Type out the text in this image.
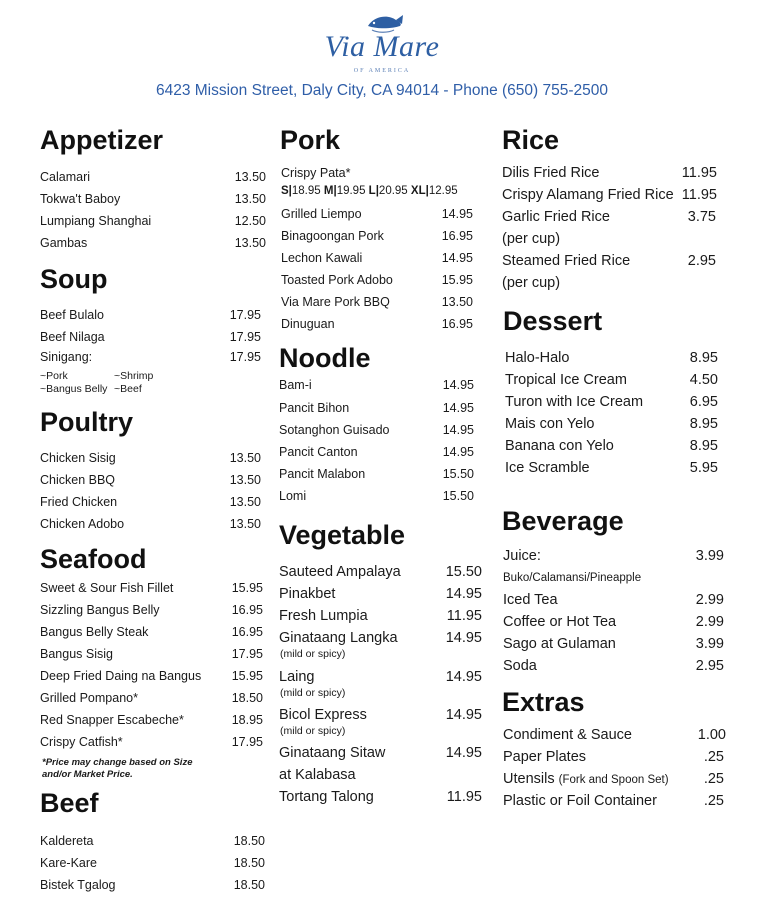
Via Mare
OF AMERICA
6423 Mission Street, Daly City, CA 94014 - Phone (650) 755-2500
Appetizer
Calamari	13.50
Tokwa't Baboy	13.50
Lumpiang Shanghai	12.50
Gambas	13.50
Soup
Beef Bulalo	17.95
Beef Nilaga	17.95
Sinigang:	17.95
~Pork	~Shrimp
~Bangus Belly ~Beef
Poultry
Chicken Sisig	13.50
Chicken BBQ	13.50
Fried Chicken	13.50
Chicken Adobo	13.50
Seafood
Sweet & Sour Fish Fillet	15.95
Sizzling Bangus Belly	16.95
Bangus Belly Steak	16.95
Bangus Sisig	17.95
Deep Fried Daing na Bangus 15.95
Grilled Pompano*	18.50
Red Snapper Escabeche*	18.95
Crispy Catfish*	17.95
*Price may change based on Size
and/or Market Price.
Beef
Kaldereta	18.50
Kare-Kare	18.50
Bistek Tgalog	18.50
Pork
Crispy Pata*
S|18.95 M|19.95 L|20.95 XL|12.95
Grilled Liempo	14.95
Binagoongan Pork	16.95
Lechon Kawali	14.95
Toasted Pork Adobo	15.95
Via Mare Pork BBQ	13.50
Dinuguan	16.95
Noodle
Bam-i	14.95
Pancit Bihon	14.95
Sotanghon Guisado	14.95
Pancit Canton	14.95
Pancit Malabon	15.50
Lomi	15.50
Vegetable
Sauteed Ampalaya	15.50
Pinakbet	14.95
Fresh Lumpia	11.95
Ginataang Langka	14.95
(mild or spicy)
Laing	14.95
(mild or spicy)
Bicol Express	14.95
(mild or spicy)
Ginataang Sitaw	14.95
at Kalabasa
Tortang Talong	11.95
Rice
Dilis Fried Rice	11.95
Crispy Alamang Fried Rice 11.95
Garlic Fried Rice	3.75
(per cup)
Steamed Fried Rice	2.95
(per cup)
Dessert
Halo-Halo	8.95
Tropical Ice Cream	4.50
Turon with Ice Cream	6.95
Mais con Yelo	8.95
Banana con Yelo	8.95
Ice Scramble	5.95
Beverage
Juice:	3.99
Buko/Calamansi/Pineapple
Iced Tea	2.99
Coffee or Hot Tea	2.99
Sago at Gulaman	3.99
Soda	2.95
Extras
Condiment & Sauce	1.00
Paper Plates	.25
Utensils (Fork and Spoon Set) .25
Plastic or Foil Container	.25
